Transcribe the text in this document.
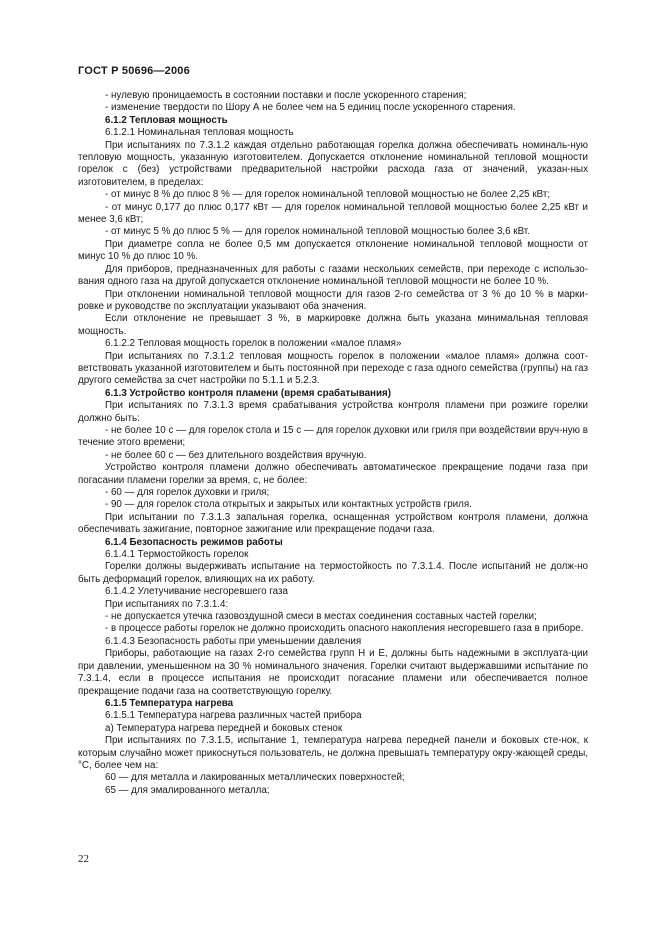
ГОСТ Р 50696—2006

- нулевую проницаемость в состоянии поставки и после ускоренного старения;

- изменение твердости по Шору А не более чем на 5 единиц после ускоренного старения.

6.1.2 Тепловая мощность

6.1.2.1 Номинальная тепловая мощность

При испытаниях по 7.3.1.2 каждая отдельно работающая горелка должна обеспечивать номиналь-ную тепловую мощность, указанную изготовителем. Допускается отклонение номинальной тепловой мощности горелок с (без) устройствами предварительной настройки расхода газа от значений, указан-ных изготовителем, в пределах:

- от минус 8 % до плюс 8 % — для горелок номинальной тепловой мощностью не более 2,25 кВт;

- от минус 0,177 до плюс 0,177 кВт — для горелок номинальной тепловой мощностью более 2,25 кВт и менее 3,6 кВт;

- от минус 5 % до плюс 5 % — для горелок номинальной тепловой мощностью более 3,6 кВт.

При диаметре сопла не более 0,5 мм допускается отклонение номинальной тепловой мощности от минус 10 % до плюс 10 %.

Для приборов, предназначенных для работы с газами нескольких семейств, при переходе с использо-вания одного газа на другой допускается отклонение номинальной тепловой мощности не более 10 %.

При отклонении номинальной тепловой мощности для газов 2-го семейства от 3 % до 10 % в марки-ровке и руководстве по эксплуатации указывают оба значения.

Если отклонение не превышает 3 %, в маркировке должна быть указана минимальная тепловая мощность.

6.1.2.2 Тепловая мощность горелок в положении «малое пламя»

При испытаниях по 7.3.1.2 тепловая мощность горелок в положении «малое пламя» должна соот-ветствовать указанной изготовителем и быть постоянной при переходе с газа одного семейства (группы) на газ другого семейства за счет настройки по 5.1.1 и 5.2.3.

6.1.3 Устройство контроля пламени (время срабатывания)

При испытаниях по 7.3.1.3 время срабатывания устройства контроля пламени при розжиге горелки должно быть:

- не более 10 с — для горелок стола и 15 с — для горелок духовки или гриля при воздействии вруч-ную в течение этого времени;

- не более 60 с — без длительного воздействия вручную.

Устройство контроля пламени должно обеспечивать автоматическое прекращение подачи газа при погасании пламени горелки за время, с, не более:

- 60 — для горелок духовки и гриля;

- 90 — для горелок стола открытых и закрытых или контактных устройств гриля.

При испытании по 7.3.1.3 запальная горелка, оснащенная устройством контроля пламени, должна обеспечивать зажигание, повторное зажигание или прекращение подачи газа.

6.1.4 Безопасность режимов работы

6.1.4.1 Термостойкость горелок

Горелки должны выдерживать испытание на термостойкость по 7.3.1.4. После испытаний не долж-но быть деформаций горелок, влияющих на их работу.

6.1.4.2 Улетучивание несгоревшего газа

При испытаниях по 7.3.1.4:

- не допускается утечка газовоздушной смеси в местах соединения составных частей горелки;

- в процессе работы горелок не должно происходить опасного накопления несгоревшего газа в приборе.

6.1.4.3 Безопасность работы при уменьшении давления

Приборы, работающие на газах 2-го семейства групп Н и Е, должны быть надежными в эксплуата-ции при давлении, уменьшенном на 30 % номинального значения. Горелки считают выдержавшими испытание по 7.3.1.4, если в процессе испытания не происходит погасание пламени или обеспечивается полное прекращение подачи газа на соответствующую горелку.

6.1.5 Температура нагрева

6.1.5.1 Температура нагрева различных частей прибора

а) Температура нагрева передней и боковых стенок

При испытаниях по 7.3.1.5, испытание 1, температура нагрева передней панели и боковых сте-нок, к которым случайно может прикоснуться пользователь, не должна превышать температуру окру-жающей среды, °С, более чем на:

60 — для металла и лакированных металлических поверхностей;

65 — для эмалированного металла;

22
